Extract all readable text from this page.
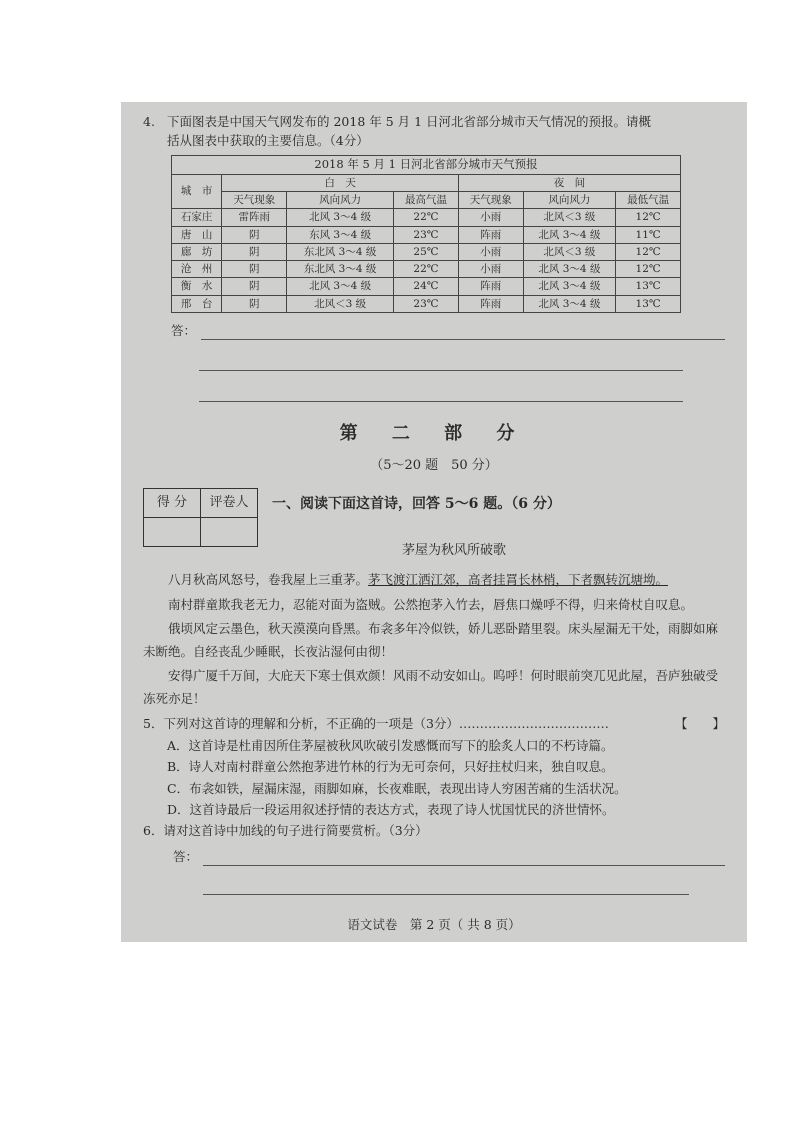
4. 下面图表是中国天气网发布的 2018 年 5 月 1 日河北省部分城市天气情况的预报。请概
括从图表中获取的主要信息。（4分）
2018 年 5 月 1 日河北省部分城市天气预报						
城　市	白　天			夜　间		
	天气现象	风向风力	最高气温	天气现象	风向风力	最低气温
石家庄	雷阵雨	北风 3～4 级	22℃	小雨	北风＜3 级	12℃
唐　山	阴	东风 3～4 级	23℃	阵雨	北风 3～4 级	11℃
廊　坊	阴	东北风 3～4 级	25℃	小雨	北风＜3 级	12℃
沧　州	阴	东北风 3～4 级	22℃	小雨	北风 3～4 级	12℃
衡　水	阴	北风 3～4 级	24℃	阵雨	北风 3～4 级	13℃
邢　台	阴	北风＜3 级	23℃	阵雨	北风 3～4 级	13℃
答：
第 二 部 分
（5～20 题　50 分）
得 分	评卷人
	一、阅读下面这首诗，回答 5～6 题。（6 分）
茅屋为秋风所破歌

八月秋高风怒号，卷我屋上三重茅。茅飞渡江洒江郊，高者挂罥长林梢，下者飘转沉塘坳。

南村群童欺我老无力，忍能对面为盗贼。公然抱茅入竹去，唇焦口燥呼不得，归来倚杖自叹息。

俄顷风定云墨色，秋天漠漠向昏黑。布衾多年冷似铁，娇儿恶卧踏里裂。床头屋漏无干处，雨脚如麻未断绝。自经丧乱少睡眠，长夜沾湿何由彻！

安得广厦千万间，大庇天下寒士俱欢颜！风雨不动安如山。呜呼！何时眼前突兀见此屋，吾庐独破受冻死亦足！

5．下列对这首诗的理解和分析，不正确的一项是（3分）………………………………	【　　】
A．这首诗是杜甫因所住茅屋被秋风吹破引发感慨而写下的脍炙人口的不朽诗篇。
B．诗人对南村群童公然抱茅进竹林的行为无可奈何，只好拄杖归来，独自叹息。
C．布衾如铁，屋漏床湿，雨脚如麻，长夜难眠，表现出诗人穷困苦痛的生活状况。
D．这首诗最后一段运用叙述抒情的表达方式，表现了诗人忧国忧民的济世情怀。
6．请对这首诗中加线的句子进行简要赏析。（3分）
答：
语文试卷　第 2 页（ 共 8 页）
